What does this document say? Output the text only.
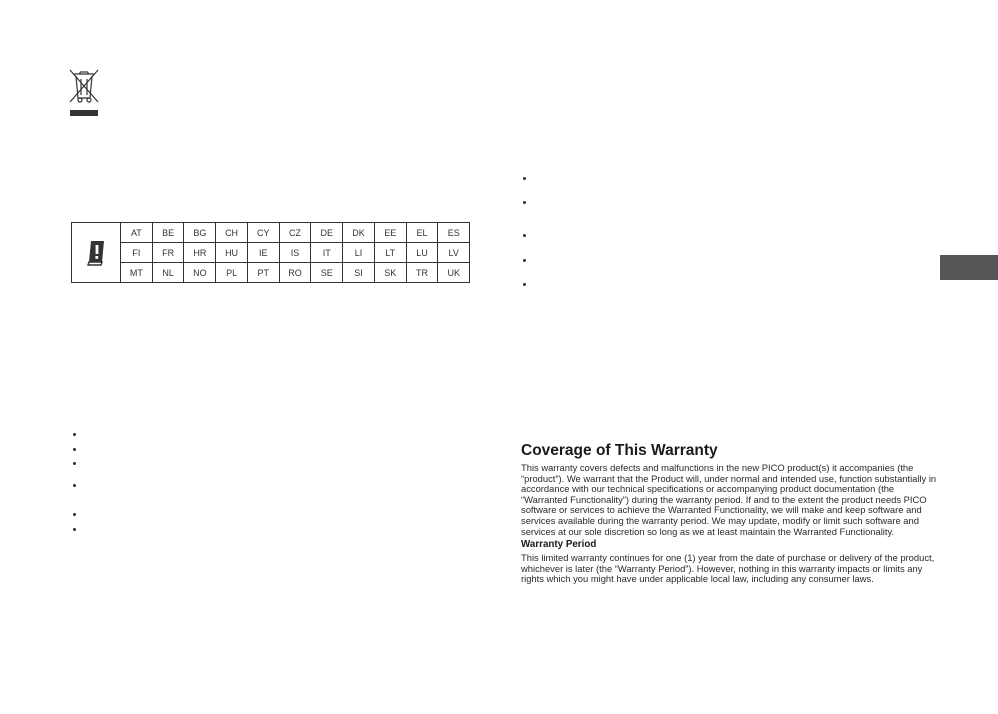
AT	BE	BG	CH	CY	CZ	DE	DK	EE	EL	ES
FI	FR	HR	HU	IE	IS	IT	LI	LT	LU	LV
MT	NL	NO	PL	PT	RO	SE	SI	SK	TR	UK
Coverage of This Warranty

This warranty covers defects and malfunctions in the new PICO product(s) it accompanies (the “product”). We warrant that the Product will, under normal and intended use, function substantially in accordance with our technical specifications or accompanying product documentation (the “Warranted Functionality”) during the warranty period. If and to the extent the product needs PICO software or services to achieve the Warranted Functionality, we will make and keep software and services available during the warranty period. We may update, modify or limit such software and services at our sole discretion so long as we at least maintain the Warranted Functionality.

Warranty Period

This limited warranty continues for one (1) year from the date of purchase or delivery of the product, whichever is later (the “Warranty Period”). However, nothing in this warranty impacts or limits any rights which you might have under applicable local law, including any consumer laws.
